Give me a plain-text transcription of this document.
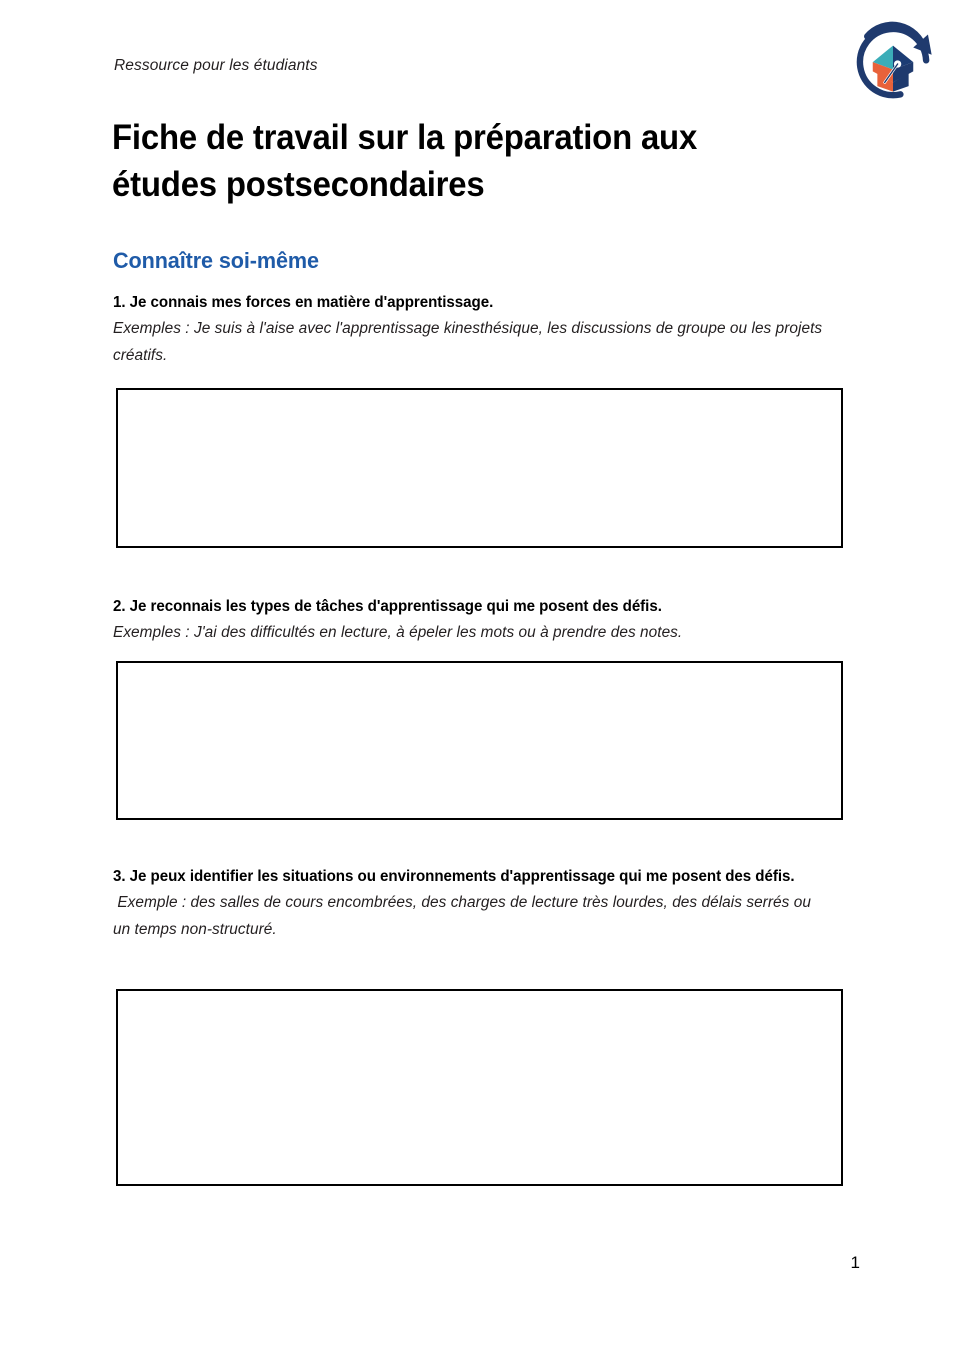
Ressource pour les étudiants
Fiche de travail sur la préparation aux études postsecondaires
Connaître soi-même

1. Je connais mes forces en matière d'apprentissage.

Exemples : Je suis à l'aise avec l'apprentissage kinesthésique, les discussions de groupe ou les projets créatifs.

2. Je reconnais les types de tâches d'apprentissage qui me posent des défis.

Exemples : J'ai des difficultés en lecture, à épeler les mots ou à prendre des notes.

3. Je peux identifier les situations ou environnements d'apprentissage qui me posent des défis.

Exemple : des salles de cours encombrées, des charges de lecture très lourdes, des délais serrés ou un temps non-structuré.

1
